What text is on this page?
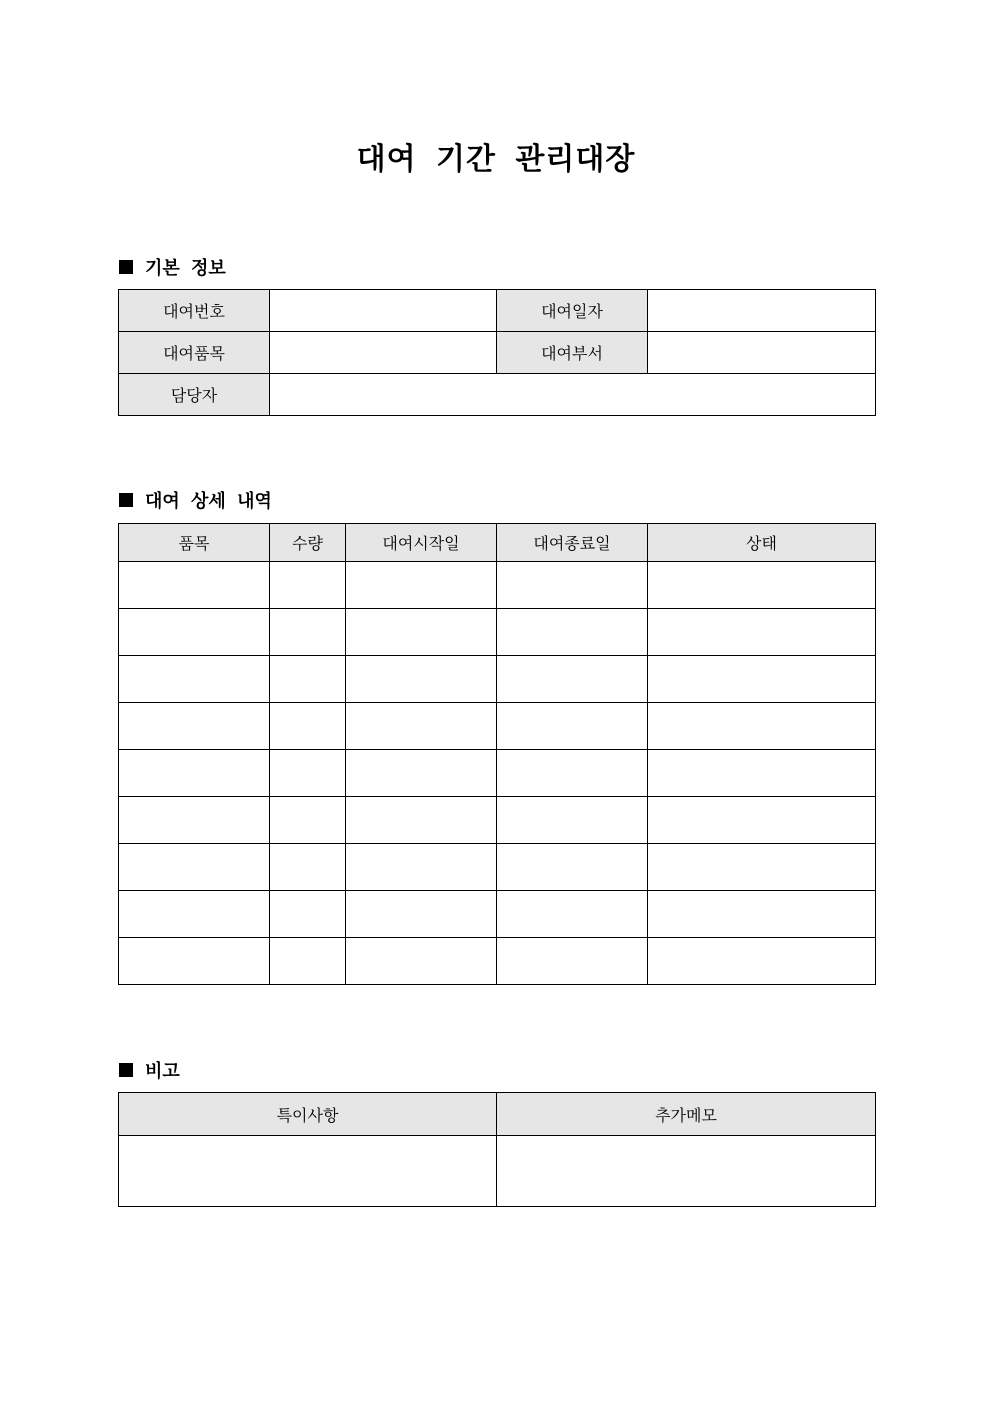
대여 기간 관리대장
기본 정보
대여번호		대여일자	
대여품목		대여부서	
담당자			
대여 상세 내역
품목	수량	대여시작일	대여종료일	상태

비고
특이사항	추가메모
